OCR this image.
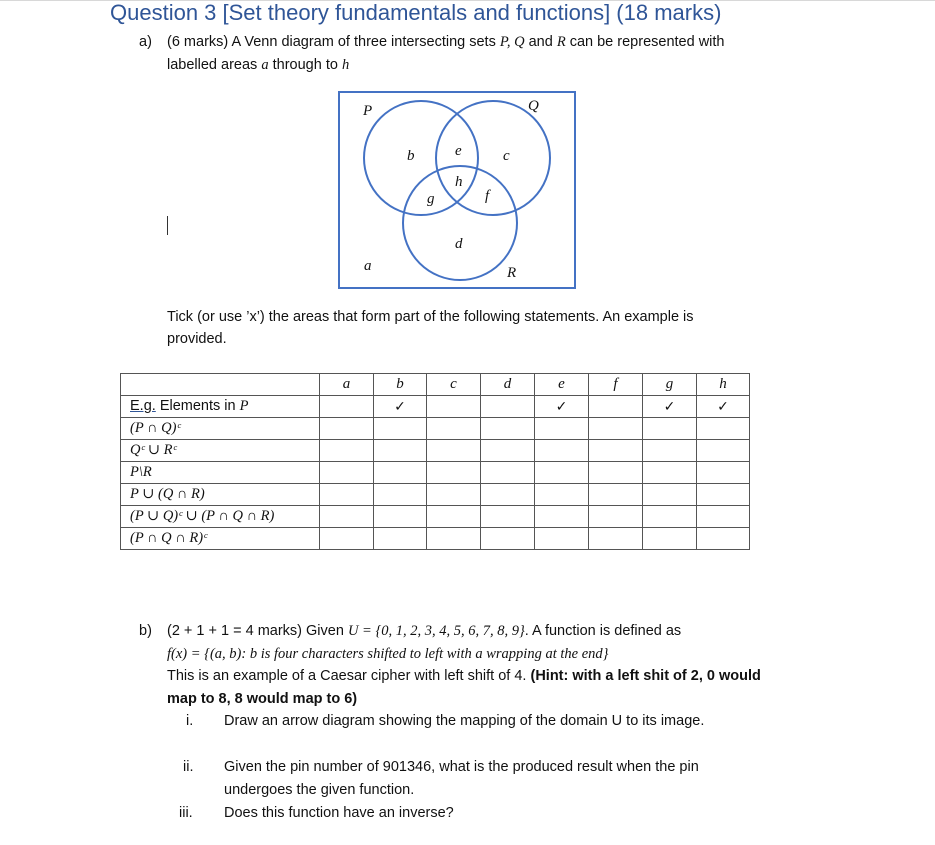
Question 3 [Set theory fundamentals and functions] (18 marks)
a) (6 marks) A Venn diagram of three intersecting sets P, Q and R can be represented with
labelled areas a through to h
P	Q
R
a
b	c
d
e
f
g
h
Tick (or use ’x’) the areas that form part of the following statements. An example is
provided.
	a	b	c	d	e	f	g	h
E.g. Elements in P		✓			✓		✓	✓
(P ∩ Q)ᶜ								
Qᶜ ∪ Rᶜ								
P\R								
P ∪ (Q ∩ R)								
(P ∪ Q)ᶜ ∪ (P ∩ Q ∩ R)								
(P ∩ Q ∩ R)ᶜ								
b) (2 + 1 + 1 = 4 marks) Given U = {0, 1, 2, 3, 4, 5, 6, 7, 8, 9}. A function is defined as
f(x) = {(a, b): b is four characters shifted to left with a wrapping at the end}
This is an example of a Caesar cipher with left shift of 4. (Hint: with a left shit of 2, 0 would
map to 8, 8 would map to 6)
i. Draw an arrow diagram showing the mapping of the domain U to its image.
ii. Given the pin number of 901346, what is the produced result when the pin
undergoes the given function.
iii. Does this function have an inverse?
